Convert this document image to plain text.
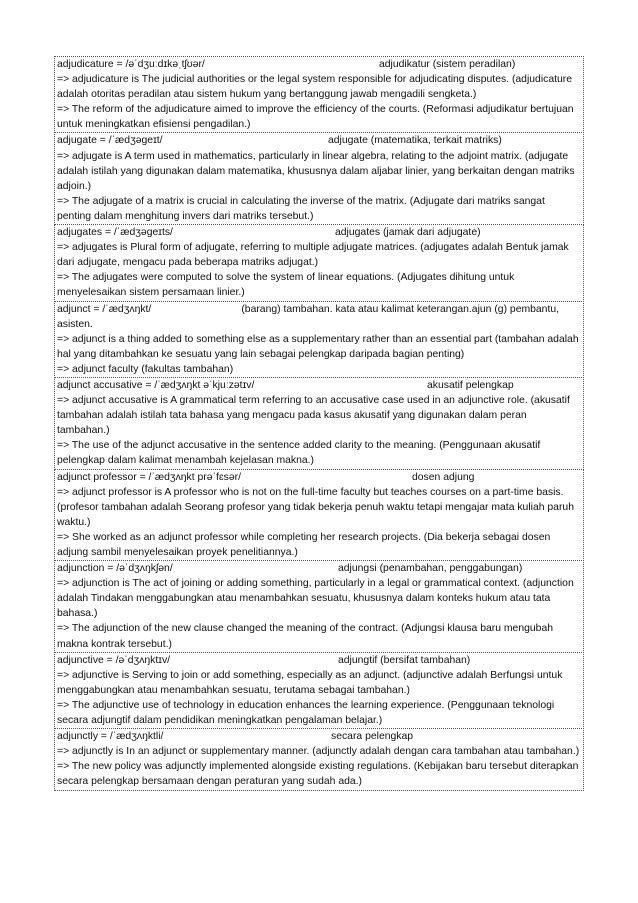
adjudicature = /əˈdʒuːdɪkəˌtʃʊər/	adjudikatur (sistem peradilan)

=> adjudicature is The judicial authorities or the legal system responsible for adjudicating disputes. (adjudicature adalah otoritas peradilan atau sistem hukum yang bertanggung jawab mengadili sengketa.)

=> The reform of the adjudicature aimed to improve the efficiency of the courts. (Reformasi adjudikatur bertujuan untuk meningkatkan efisiensi pengadilan.)

adjugate = /ˈædʒəgeɪt/	adjugate (matematika, terkait matriks)

=> adjugate is A term used in mathematics, particularly in linear algebra, relating to the adjoint matrix. (adjugate adalah istilah yang digunakan dalam matematika, khususnya dalam aljabar linier, yang berkaitan dengan matriks adjoin.)

=> The adjugate of a matrix is crucial in calculating the inverse of the matrix. (Adjugate dari matriks sangat penting dalam menghitung invers dari matriks tersebut.)

adjugates = /ˈædʒəgeɪts/	adjugates (jamak dari adjugate)

=> adjugates is Plural form of adjugate, referring to multiple adjugate matrices. (adjugates adalah Bentuk jamak dari adjugate, mengacu pada beberapa matriks adjugat.)

=> The adjugates were computed to solve the system of linear equations. (Adjugates dihitung untuk menyelesaikan sistem persamaan linier.)

adjunct = /ˈædʒʌŋkt/	(barang) tambahan. kata atau kalimat keterangan.ajun (g) pembantu, asisten.

=> adjunct is a thing added to something else as a supplementary rather than an essential part (tambahan adalah hal yang ditambahkan ke sesuatu yang lain sebagai pelengkap daripada bagian penting)

=> adjunct faculty (fakultas tambahan)

adjunct accusative = /ˈædʒʌŋkt əˈkjuːzətɪv/	akusatif pelengkap

=> adjunct accusative is A grammatical term referring to an accusative case used in an adjunctive role. (akusatif tambahan adalah istilah tata bahasa yang mengacu pada kasus akusatif yang digunakan dalam peran tambahan.)

=> The use of the adjunct accusative in the sentence added clarity to the meaning. (Penggunaan akusatif pelengkap dalam kalimat menambah kejelasan makna.)

adjunct professor = /ˈædʒʌŋkt prəˈfɛsər/	dosen adjung

=> adjunct professor is A professor who is not on the full-time faculty but teaches courses on a part-time basis. (profesor tambahan adalah Seorang profesor yang tidak bekerja penuh waktu tetapi mengajar mata kuliah paruh waktu.)

=> She worked as an adjunct professor while completing her research projects. (Dia bekerja sebagai dosen adjung sambil menyelesaikan proyek penelitiannya.)

adjunction = /əˈdʒʌŋkʃən/	adjungsi (penambahan, penggabungan)

=> adjunction is The act of joining or adding something, particularly in a legal or grammatical context. (adjunction adalah Tindakan menggabungkan atau menambahkan sesuatu, khususnya dalam konteks hukum atau tata bahasa.)

=> The adjunction of the new clause changed the meaning of the contract. (Adjungsi klausa baru mengubah makna kontrak tersebut.)

adjunctive = /əˈdʒʌŋktɪv/	adjungtif (bersifat tambahan)

=> adjunctive is Serving to join or add something, especially as an adjunct. (adjunctive adalah Berfungsi untuk menggabungkan atau menambahkan sesuatu, terutama sebagai tambahan.)

=> The adjunctive use of technology in education enhances the learning experience. (Penggunaan teknologi secara adjungtif dalam pendidikan meningkatkan pengalaman belajar.)

adjunctly = /ˈædʒʌŋktli/	secara pelengkap

=> adjunctly is In an adjunct or supplementary manner. (adjunctly adalah dengan cara tambahan atau tambahan.)

=> The new policy was adjunctly implemented alongside existing regulations. (Kebijakan baru tersebut diterapkan secara pelengkap bersamaan dengan peraturan yang sudah ada.)
